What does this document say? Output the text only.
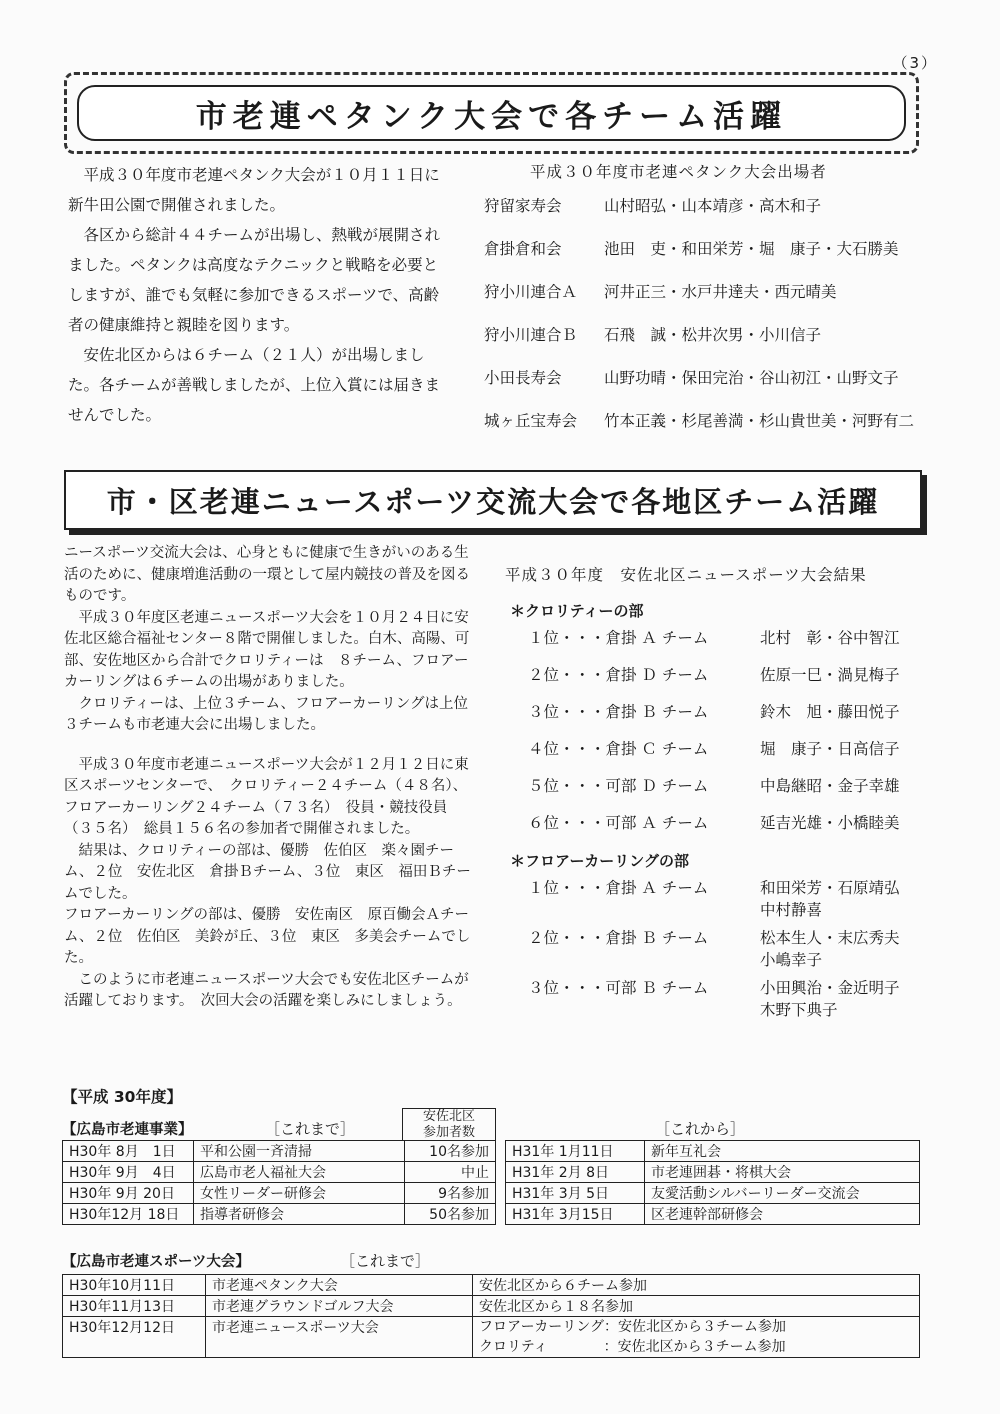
（3）
市老連ペタンク大会で各チーム活躍

平成３０年度市老連ペタンク大会が１０月１１日に新牛田公園で開催されました。

各区から総計４４チームが出場し、熱戦が展開されました。ペタンクは高度なテクニックと戦略を必要としますが、誰でも気軽に参加できるスポーツで、高齢者の健康維持と親睦を図ります。

安佐北区からは６チーム（２１人）が出場しました。各チームが善戦しましたが、上位入賞には届きませんでした。

平成３０年度市老連ペタンク大会出場者
狩留家寿会	山村昭弘・山本靖彦・高木和子
倉掛倉和会	池田　吏・和田栄芳・堀　康子・大石勝美
狩小川連合Ａ	河井正三・水戸井達夫・西元晴美
狩小川連合Ｂ	石飛　誠・松井次男・小川信子
小田長寿会	山野功晴・保田完治・谷山初江・山野文子
城ヶ丘宝寿会	竹本正義・杉尾善満・杉山貴世美・河野有二
市・区老連ニュースポーツ交流大会で各地区チーム活躍

ニースポーツ交流大会は、心身ともに健康で生きがいのある生活のために、健康増進活動の一環として屋内競技の普及を図るものです。

平成３０年度区老連ニュースポーツ大会を１０月２４日に安佐北区総合福祉センター８階で開催しました。白木、高陽、可部、安佐地区から合計でクロリティーは　８チーム、フロアーカーリングは６チームの出場がありました。

クロリティーは、上位３チーム、フロアーカーリングは上位３チームも市老連大会に出場しました。

平成３０年度市老連ニュースポーツ大会が１２月１２日に東区スポーツセンターで、　クロリティー２４チーム（４８名）、フロアーカーリング２４チーム（７３名）　役員・競技役員（３５名）　総員１５６名の参加者で開催されました。

結果は、クロリティーの部は、優勝　佐伯区　楽々園チーム、２位　安佐北区　倉掛Ｂチーム、３位　東区　福田Ｂチームでした。

フロアーカーリングの部は、優勝　安佐南区　原百働会Ａチーム、２位　佐伯区　美鈴が丘、３位　東区　多美会チームでした。

このように市老連ニュースポーツ大会でも安佐北区チームが活躍しております。　次回大会の活躍を楽しみにしましょう。

平成３０年度　安佐北区ニュースポーツ大会結果
＊クロリティーの部
１位・・・倉掛 Ａ チーム	北村　彰・谷中智江
２位・・・倉掛 Ｄ チーム	佐原一巳・渦見梅子
３位・・・倉掛 Ｂ チーム	鈴木　旭・藤田悦子
４位・・・倉掛 Ｃ チーム	堀　康子・日高信子
５位・・・可部 Ｄ チーム	中島継昭・金子幸雄
６位・・・可部 Ａ チーム	延吉光雄・小橋睦美
＊フロアーカーリングの部
１位・・・倉掛 Ａ チーム	和田栄芳・石原靖弘
中村静喜
２位・・・倉掛 Ｂ チーム	松本生人・末広秀夫
小嶋幸子
３位・・・可部 Ｂ チーム	小田興治・金近明子
木野下典子
【平成 30年度】
【広島市老連事業】	［これまで］
安佐北区
参加者数
H30年 8月　1日	平和公園一斉清掃	10名参加
H30年 9月　4日	広島市老人福祉大会	中止
H30年 9月 20日	女性リーダー研修会	9名参加
H30年12月 18日	指導者研修会	50名参加
［これから］
H31年 1月11日	新年互礼会
H31年 2月 8日	市老連囲碁・将棋大会
H31年 3月 5日	友愛活動シルバーリーダー交流会
H31年 3月15日	区老連幹部研修会
【広島市老連スポーツ大会】	［これまで］
H30年10月11日	市老連ペタンク大会	安佐北区から６チーム参加
H30年11月13日	市老連グラウンドゴルフ大会	安佐北区から１８名参加
H30年12月12日	市老連ニュースポーツ大会	フロアーカーリング：安佐北区から３チーム参加
クロリティ　　　　：安佐北区から３チーム参加
